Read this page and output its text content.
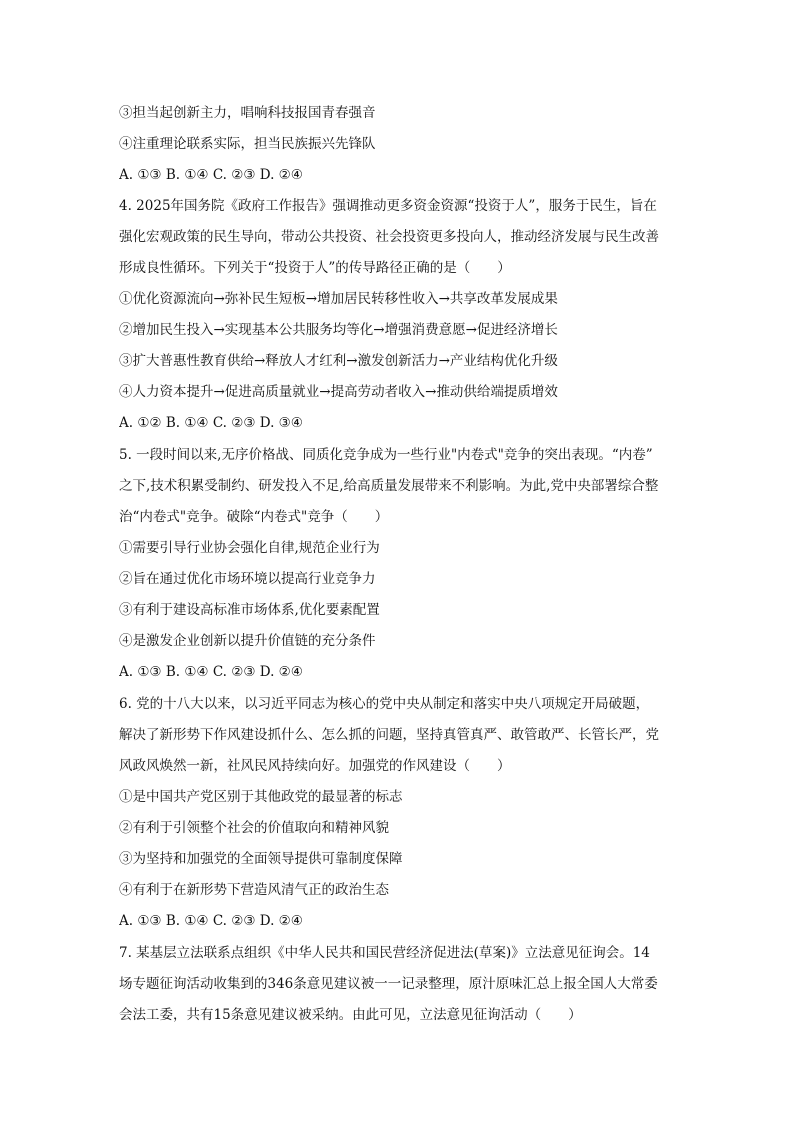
③担当起创新主力，唱响科技报国青春强音
④注重理论联系实际，担当民族振兴先锋队
A. ①③ B. ①④ C. ②③ D. ②④
4. 2025年国务院《政府工作报告》强调推动更多资金资源“投资于人”，服务于民生，旨在
强化宏观政策的民生导向，带动公共投资、社会投资更多投向人，推动经济发展与民生改善
形成良性循环。下列关于“投资于人”的传导路径正确的是（　　）
①优化资源流向→弥补民生短板→增加居民转移性收入→共享改革发展成果
②增加民生投入→实现基本公共服务均等化→增强消费意愿→促进经济增长
③扩大普惠性教育供给→释放人才红利→激发创新活力→产业结构优化升级
④人力资本提升→促进高质量就业→提高劳动者收入→推动供给端提质增效
A. ①② B. ①④ C. ②③ D. ③④
5. 一段时间以来,无序价格战、同质化竞争成为一些行业"内卷式"竞争的突出表现。“内卷”
之下,技术积累受制约、研发投入不足,给高质量发展带来不利影响。为此,党中央部署综合整
治“内卷式"竞争。破除“内卷式"竞争（　　）
①需要引导行业协会强化自律,规范企业行为
②旨在通过优化市场环境以提高行业竞争力
③有利于建设高标准市场体系,优化要素配置
④是激发企业创新以提升价值链的充分条件
A. ①③ B. ①④ C. ②③ D. ②④
6. 党的十八大以来，以习近平同志为核心的党中央从制定和落实中央八项规定开局破题，
解决了新形势下作风建设抓什么、怎么抓的问题，坚持真管真严、敢管敢严、长管长严，党
风政风焕然一新，社风民风持续向好。加强党的作风建设（　　）
①是中国共产党区别于其他政党的最显著的标志
②有利于引领整个社会的价值取向和精神风貌
③为坚持和加强党的全面领导提供可靠制度保障
④有利于在新形势下营造风清气正的政治生态
A. ①③ B. ①④ C. ②③ D. ②④
7. 某基层立法联系点组织《中华人民共和国民营经济促进法(草案)》立法意见征询会。14
场专题征询活动收集到的346条意见建议被一一记录整理，原汁原味汇总上报全国人大常委
会法工委，共有15条意见建议被采纳。由此可见，立法意见征询活动（　　）
